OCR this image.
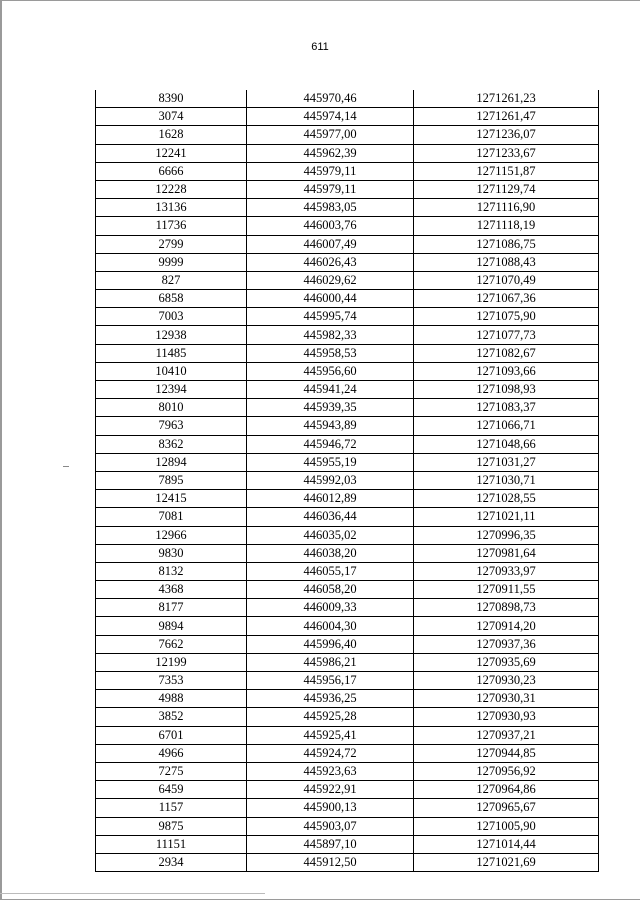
611
8390	445970,46	1271261,23
3074	445974,14	1271261,47
1628	445977,00	1271236,07
12241	445962,39	1271233,67
6666	445979,11	1271151,87
12228	445979,11	1271129,74
13136	445983,05	1271116,90
11736	446003,76	1271118,19
2799	446007,49	1271086,75
9999	446026,43	1271088,43
827	446029,62	1271070,49
6858	446000,44	1271067,36
7003	445995,74	1271075,90
12938	445982,33	1271077,73
11485	445958,53	1271082,67
10410	445956,60	1271093,66
12394	445941,24	1271098,93
8010	445939,35	1271083,37
7963	445943,89	1271066,71
8362	445946,72	1271048,66
12894	445955,19	1271031,27
7895	445992,03	1271030,71
12415	446012,89	1271028,55
7081	446036,44	1271021,11
12966	446035,02	1270996,35
9830	446038,20	1270981,64
8132	446055,17	1270933,97
4368	446058,20	1270911,55
8177	446009,33	1270898,73
9894	446004,30	1270914,20
7662	445996,40	1270937,36
12199	445986,21	1270935,69
7353	445956,17	1270930,23
4988	445936,25	1270930,31
3852	445925,28	1270930,93
6701	445925,41	1270937,21
4966	445924,72	1270944,85
7275	445923,63	1270956,92
6459	445922,91	1270964,86
1157	445900,13	1270965,67
9875	445903,07	1271005,90
11151	445897,10	1271014,44
2934	445912,50	1271021,69
